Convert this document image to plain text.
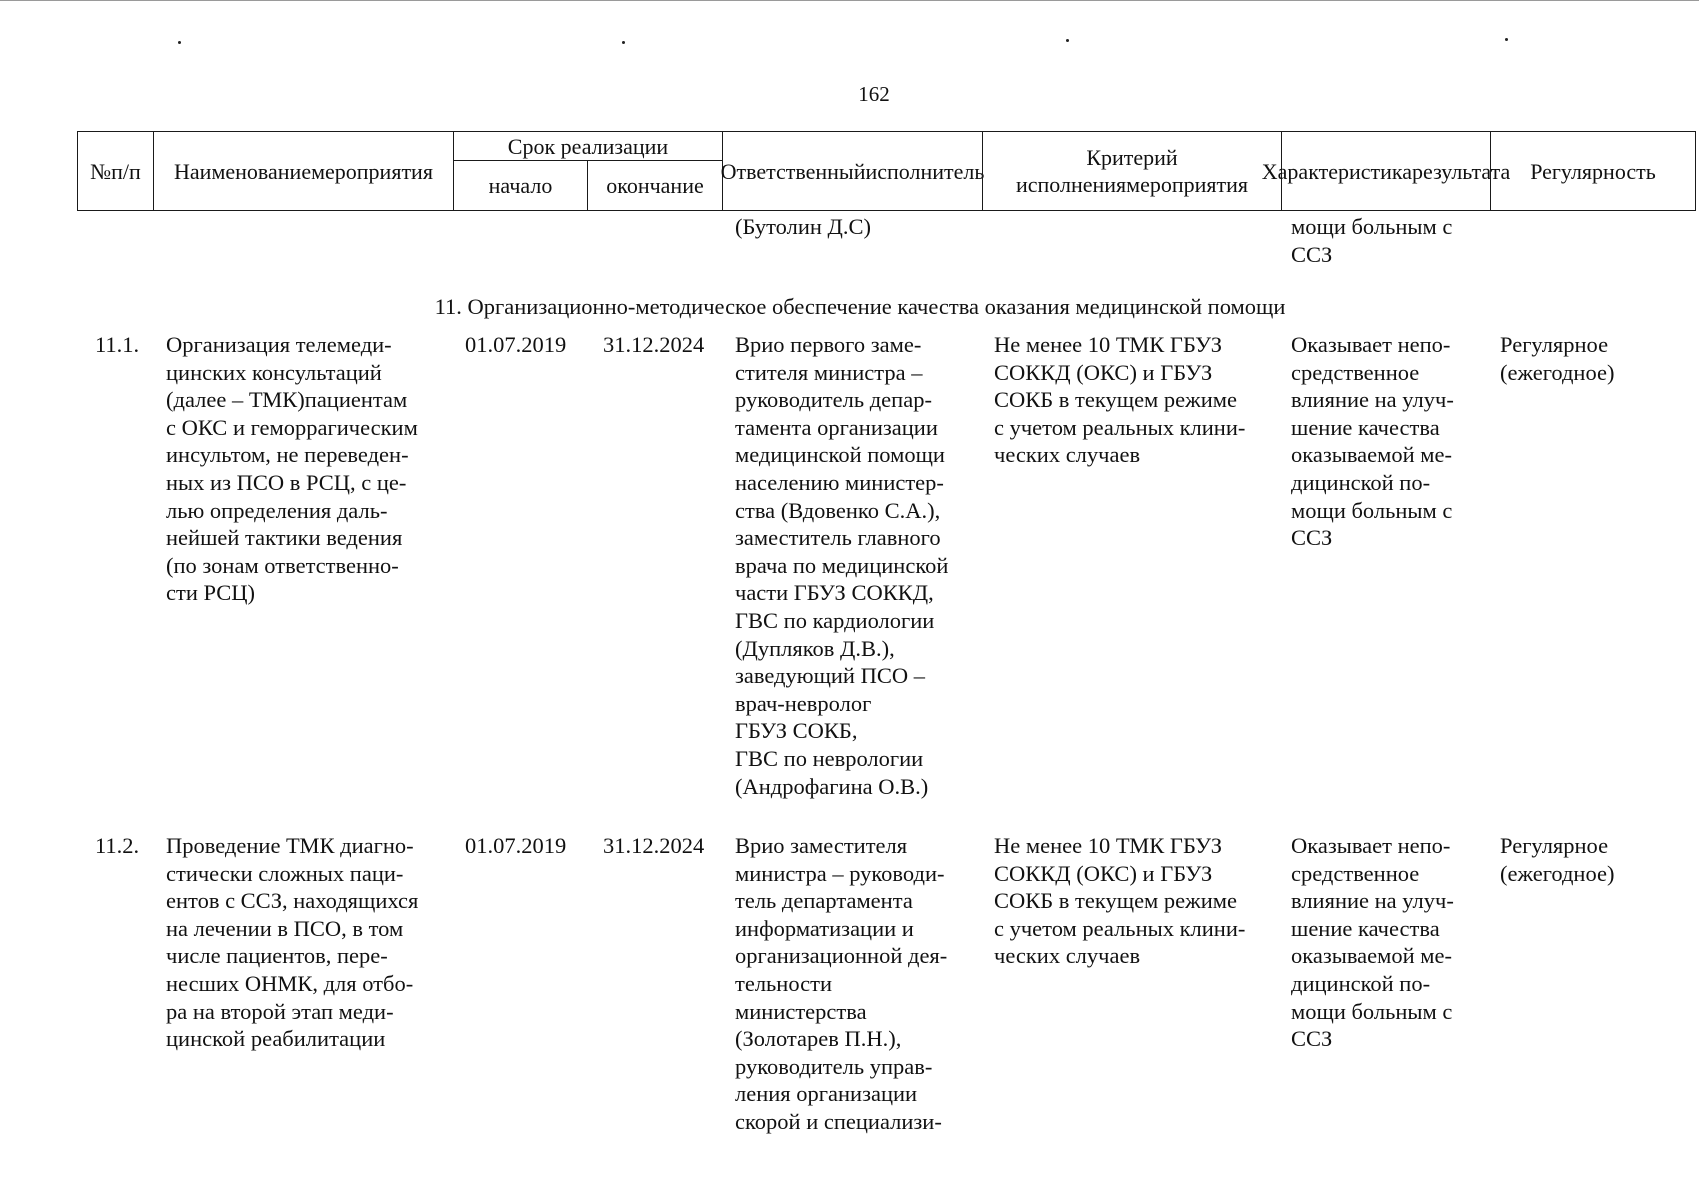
162
№п/п Наименованиемероприятия
Срок реализации
начало окончание
Ответственныйисполнитель
Критерий исполнениямероприятия
Характеристикарезультата Регулярность
(Бутолин Д.С)	мощи больным с
ССЗ
11. Организационно-методическое обеспечение качества оказания медицинской помощи
11.1. Организация телемеди-
цинских консультаций
(далее – ТМК)пациентам
с ОКС и геморрагическим
инсультом, не переведен-
ных из ПСО в РСЦ, с це-
лью определения даль-
нейшей тактики ведения
(по зонам ответственно-
сти РСЦ)
01.07.2019 31.12.2024 Врио первого заме-
стителя министра –
руководитель депар-
тамента организации
медицинской помощи
населению министер-
ства (Вдовенко С.А.),
заместитель главного
врача по медицинской
части ГБУЗ СОККД,
ГВС по кардиологии
(Дупляков Д.В.),
заведующий ПСО –
врач-невролог
ГБУЗ СОКБ,
ГВС по неврологии
(Андрофагина О.В.)
Не менее 10 ТМК ГБУЗ
СОККД (ОКС) и ГБУЗ
СОКБ в текущем режиме
с учетом реальных клини-
ческих случаев
Оказывает непо-
средственное
влияние на улуч-
шение качества
оказываемой ме-
дицинской по-
мощи больным с
ССЗ
Регулярное
(ежегодное)
11.2. Проведение ТМК диагно-
стически сложных паци-
ентов с ССЗ, находящихся
на лечении в ПСО, в том
числе пациентов, пере-
несших ОНМК, для отбо-
ра на второй этап меди-
цинской реабилитации
01.07.2019 31.12.2024 Врио заместителя
министра – руководи-
тель департамента
информатизации и
организационной дея-
тельности
министерства
(Золотарев П.Н.),
руководитель управ-
ления организации
скорой и специализи-
Не менее 10 ТМК ГБУЗ
СОККД (ОКС) и ГБУЗ
СОКБ в текущем режиме
с учетом реальных клини-
ческих случаев
Оказывает непо-
средственное
влияние на улуч-
шение качества
оказываемой ме-
дицинской по-
мощи больным с
ССЗ
Регулярное
(ежегодное)
